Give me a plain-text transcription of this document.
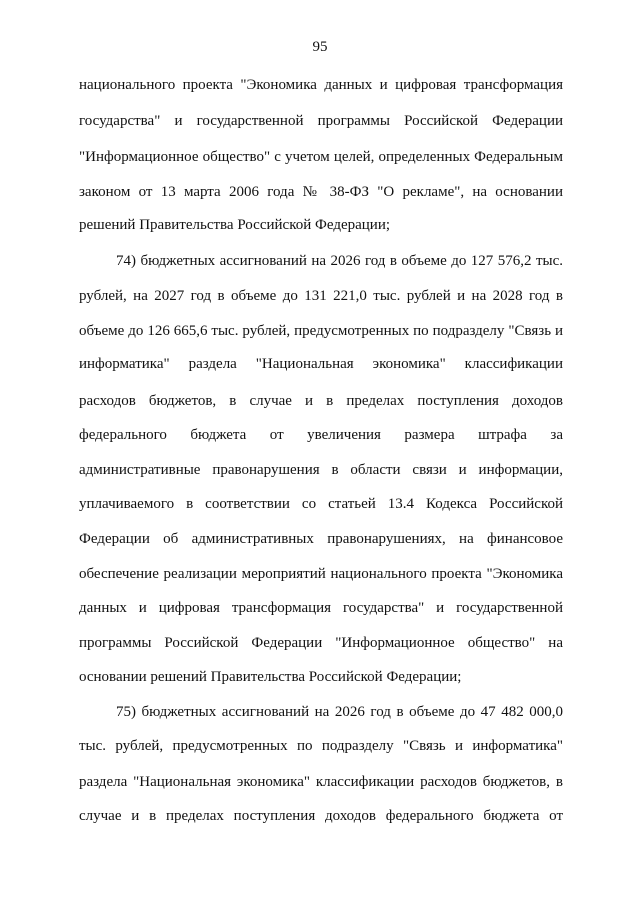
95
национального проекта "Экономика данных и цифровая трансформация
государства" и государственной программы Российской Федерации
"Информационное общество" с учетом целей, определенных Федеральным
законом от 13 марта 2006 года № 38-ФЗ "О рекламе", на основании
решений Правительства Российской Федерации;
74) бюджетных ассигнований на 2026 год в объеме до 127 576,2 тыс.
рублей, на 2027 год в объеме до 131 221,0 тыс. рублей и на 2028 год в
объеме до 126 665,6 тыс. рублей, предусмотренных по подразделу "Связь и
информатика" раздела "Национальная экономика" классификации
расходов бюджетов, в случае и в пределах поступления доходов
федерального бюджета от увеличения размера штрафа за
административные правонарушения в области связи и информации,
уплачиваемого в соответствии со статьей 13.4 Кодекса Российской
Федерации об административных правонарушениях, на финансовое
обеспечение реализации мероприятий национального проекта "Экономика
данных и цифровая трансформация государства" и государственной
программы Российской Федерации "Информационное общество" на
основании решений Правительства Российской Федерации;
75) бюджетных ассигнований на 2026 год в объеме до 47 482 000,0
тыс. рублей, предусмотренных по подразделу "Связь и информатика"
раздела "Национальная экономика" классификации расходов бюджетов, в
случае и в пределах поступления доходов федерального бюджета от
